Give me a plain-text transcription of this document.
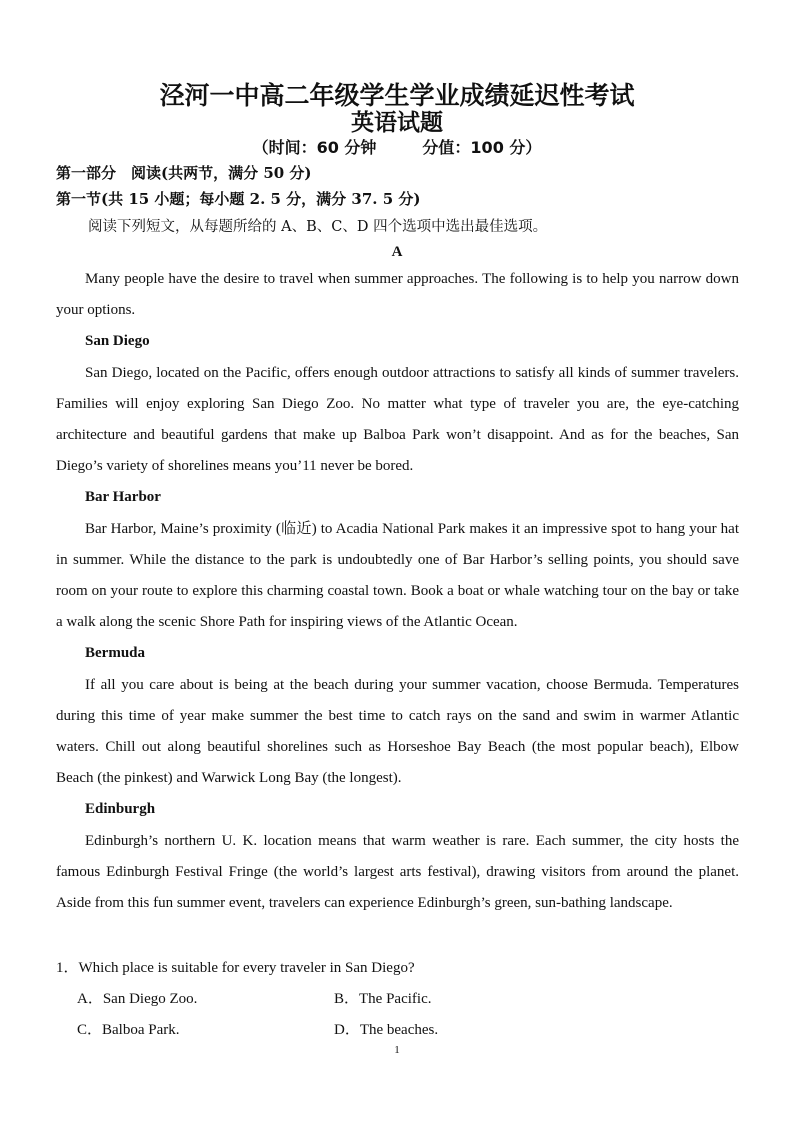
泾河一中高二年级学生学业成绩延迟性考试
英语试题
（时间：60 分钟	分值：100 分）
第一部分　阅读(共两节，满分 50 分)
第一节(共 15 小题；每小题 2. 5 分，满分 37. 5 分)
阅读下列短文，从每题所给的 A、B、C、D 四个选项中选出最佳选项。
A

Many people have the desire to travel when summer approaches. The following is to help you narrow down your options.

San Diego

San Diego, located on the Pacific, offers enough outdoor attractions to satisfy all kinds of summer travelers. Families will enjoy exploring San Diego Zoo. No matter what type of traveler you are, the eye-catching architecture and beautiful gardens that make up Balboa Park won’t disappoint. And as for the beaches, San Diego’s variety of shorelines means you’11 never be bored.

Bar Harbor

Bar Harbor, Maine’s proximity (临近) to Acadia National Park makes it an impressive spot to hang your hat in summer. While the distance to the park is undoubtedly one of Bar Harbor’s selling points, you should save room on your route to explore this charming coastal town. Book a boat or whale watching tour on the bay or take a walk along the scenic Shore Path for inspiring views of the Atlantic Ocean.

Bermuda

If all you care about is being at the beach during your summer vacation, choose Bermuda. Temperatures during this time of year make summer the best time to catch rays on the sand and swim in warmer Atlantic waters. Chill out along beautiful shorelines such as Horseshoe Bay Beach (the most popular beach), Elbow Beach (the pinkest) and Warwick Long Bay (the longest).

Edinburgh

Edinburgh’s northern U. K. location means that warm weather is rare. Each summer, the city hosts the famous Edinburgh Festival Fringe (the world’s largest arts festival), drawing visitors from around the planet. Aside from this fun summer event, travelers can experience Edinburgh’s green, sun-bathing landscape.

1．Which place is suitable for every traveler in San Diego?
A．San Diego Zoo.	B．The Pacific.
C．Balboa Park.	D．The beaches.
1
